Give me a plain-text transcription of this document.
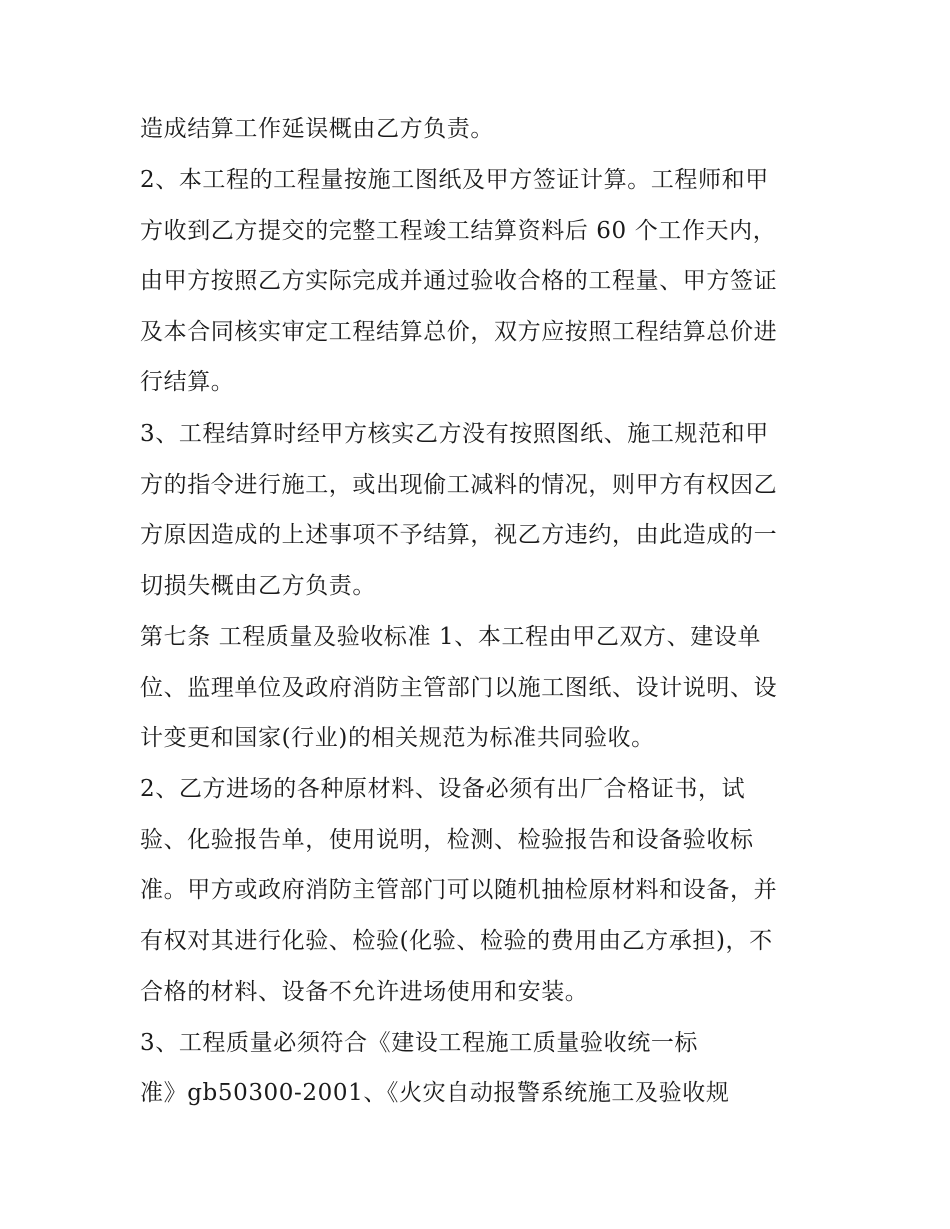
造成结算工作延误概由乙方负责。
2、本工程的工程量按施工图纸及甲方签证计算。工程师和甲
方收到乙方提交的完整工程竣工结算资料后 60 个工作天内，
由甲方按照乙方实际完成并通过验收合格的工程量、甲方签证
及本合同核实审定工程结算总价，双方应按照工程结算总价进
行结算。
3、工程结算时经甲方核实乙方没有按照图纸、施工规范和甲
方的指令进行施工，或出现偷工减料的情况，则甲方有权因乙
方原因造成的上述事项不予结算，视乙方违约，由此造成的一
切损失概由乙方负责。
第七条 工程质量及验收标准 1、本工程由甲乙双方、建设单
位、监理单位及政府消防主管部门以施工图纸、设计说明、设
计变更和国家(行业)的相关规范为标准共同验收。
2、乙方进场的各种原材料、设备必须有出厂合格证书，试
验、化验报告单，使用说明，检测、检验报告和设备验收标
准。甲方或政府消防主管部门可以随机抽检原材料和设备，并
有权对其进行化验、检验(化验、检验的费用由乙方承担)，不
合格的材料、设备不允许进场使用和安装。
3、工程质量必须符合《建设工程施工质量验收统一标
准》gb50300-2001、《火灾自动报警系统施工及验收规
